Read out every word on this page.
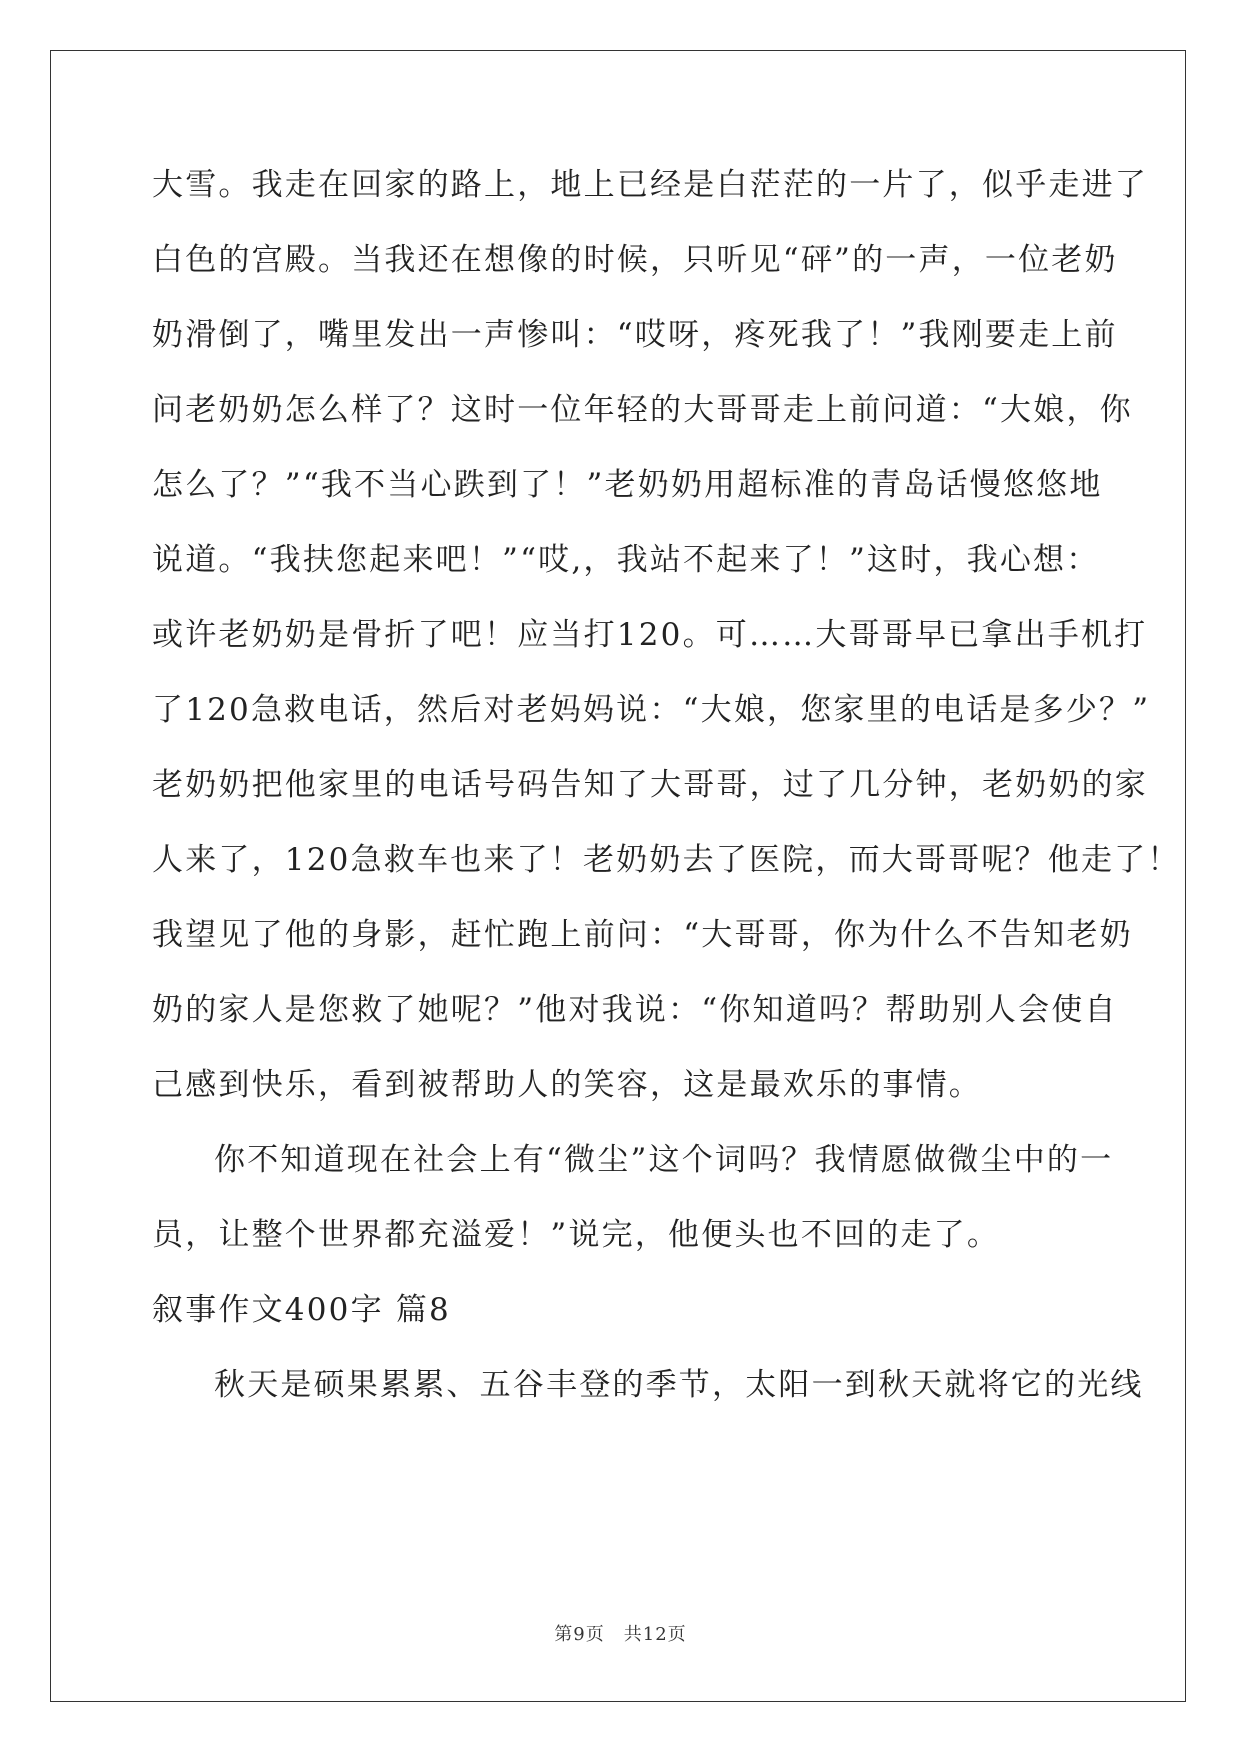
大雪。我走在回家的路上，地上已经是白茫茫的一片了，似乎走进了
白色的宫殿。当我还在想像的时候，只听见“砰”的一声，一位老奶
奶滑倒了，嘴里发出一声惨叫：“哎呀，疼死我了！”我刚要走上前
问老奶奶怎么样了？这时一位年轻的大哥哥走上前问道：“大娘，你
怎么了？”“我不当心跌到了！”老奶奶用超标准的青岛话慢悠悠地
说道。“我扶您起来吧！”“哎,，我站不起来了！”这时，我心想：
或许老奶奶是骨折了吧！应当打120。可……大哥哥早已拿出手机打
了120急救电话，然后对老妈妈说：“大娘，您家里的电话是多少？”
老奶奶把他家里的电话号码告知了大哥哥，过了几分钟，老奶奶的家
人来了，120急救车也来了！老奶奶去了医院，而大哥哥呢？他走了！
我望见了他的身影，赶忙跑上前问：“大哥哥，你为什么不告知老奶
奶的家人是您救了她呢？”他对我说：“你知道吗？帮助别人会使自
己感到快乐，看到被帮助人的笑容，这是最欢乐的事情。
你不知道现在社会上有“微尘”这个词吗？我情愿做微尘中的一
员，让整个世界都充溢爱！”说完，他便头也不回的走了。
叙事作文400字 篇8
秋天是硕果累累、五谷丰登的季节，太阳一到秋天就将它的光线
第9页　共12页
